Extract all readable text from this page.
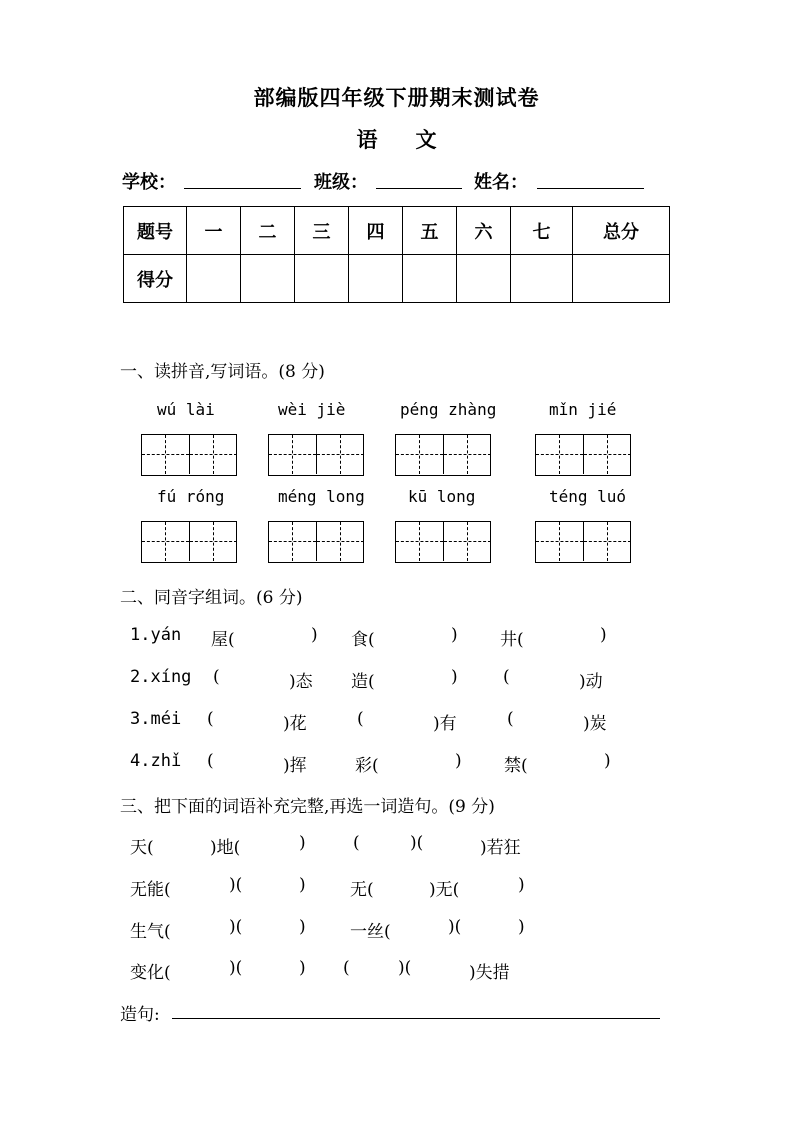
部编版四年级下册期末测试卷
语 文
学校：	班级：	姓名：
题号	一	二	三	四	五	六	七	总分
得分								
一、读拼音,写词语。(8 分)
wú lài	wèi jiè	péng zhàng	mǐn jié
fú róng	méng long	kū long	téng luó
二、同音字组词。(6 分)
1.yán 屋(	) 食(	) 井(	)
2.xíng (	)态 造(	)	(	)动
3.méi (	)花	(	)有	(	)炭
4.zhǐ (	)挥	彩(	) 禁(	)
三、把下面的词语补充完整,再选一词造句。(9 分)
天(	)地(	)	(	)(	)若狂
无能(	)(	)	无(	)无(	)
生气(	)(	)	一丝(	)(	)
变化(	)(	) (	)(	)失措
造句:
